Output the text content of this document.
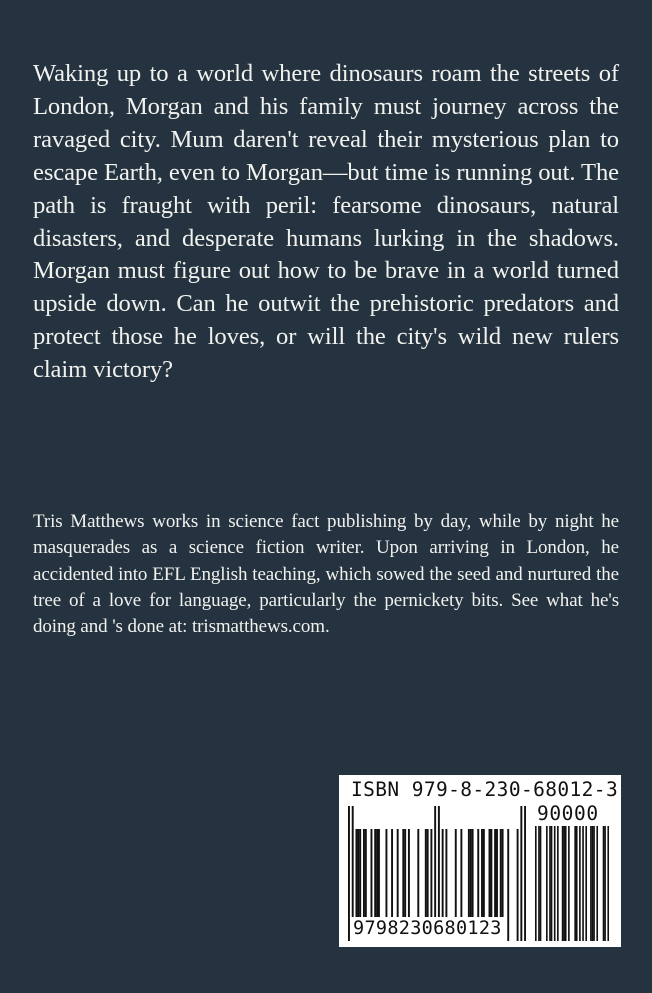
Waking up to a world where dinosaurs roam the streets of London, Morgan and his family must journey across the ravaged city. Mum daren't reveal their mysterious plan to escape Earth, even to Morgan—but time is running out. The path is fraught with peril: fearsome dinosaurs, natural disasters, and desperate humans lurking in the shadows. Morgan must figure out how to be brave in a world turned upside down. Can he outwit the prehistoric predators and protect those he loves, or will the city's wild new rulers claim victory?

Tris Matthews works in science fact publishing by day, while by night he masquerades as a science fiction writer. Upon arriving in London, he accidented into EFL English teaching, which sowed the seed and nurtured the tree of a love for language, particularly the pernickety bits. See what he's doing and 's done at: trismatthews.com.

ISBN 979-8-230-68012-3
90000
9798230680123
